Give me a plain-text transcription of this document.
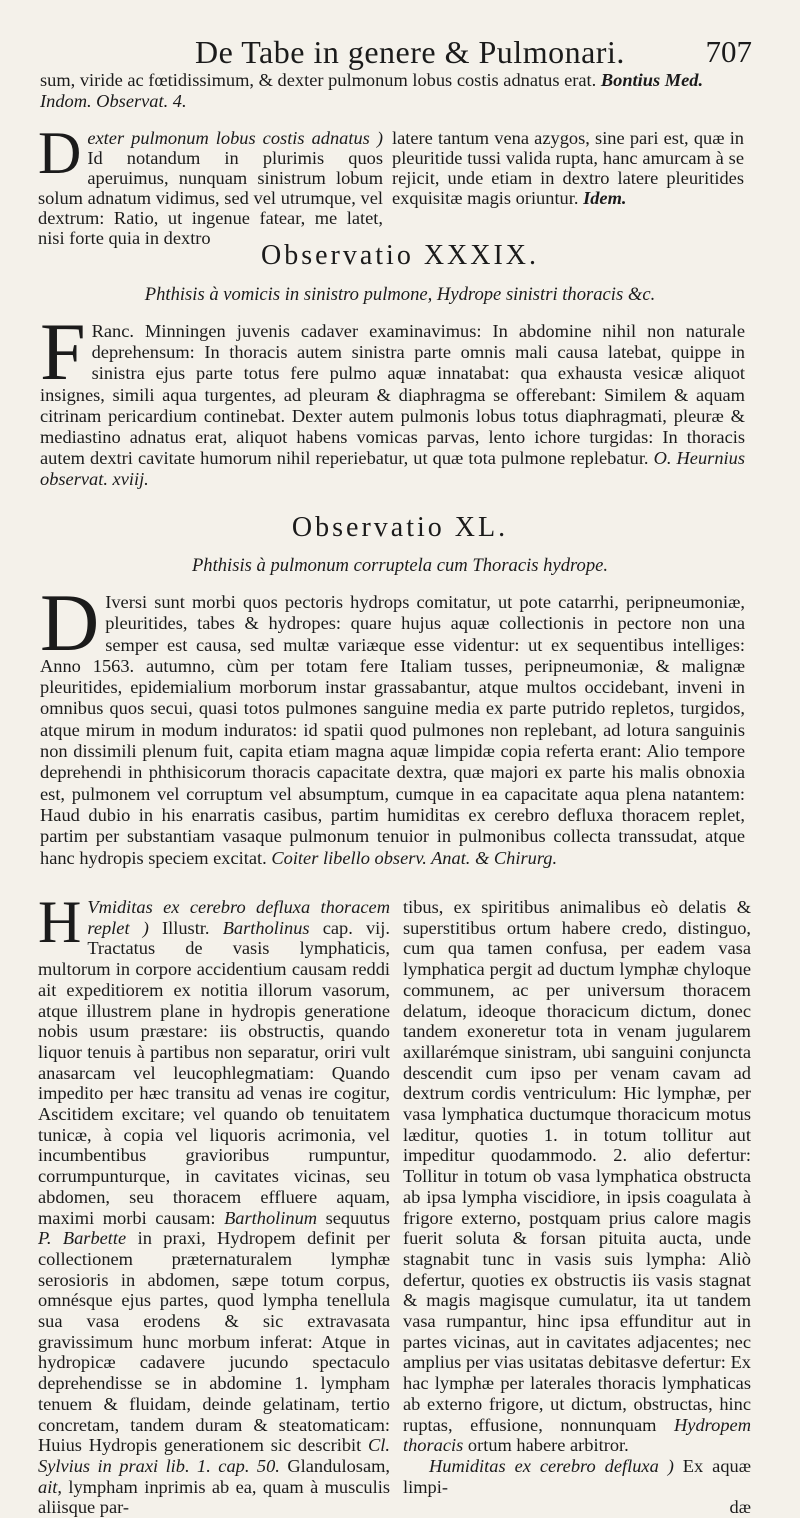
De Tabe in genere & Pulmonari.	707
sum, viride ac fœtidissimum, & dexter pulmonum lobus costis adnatus erat. Bontius Med.
Indom. Observat. 4.
Dexter pulmonum lobus costis adnatus ) Id notandum in plurimis quos aperuimus, nunquam sinistrum lobum solum adnatum vidimus, sed vel utrumque, vel dextrum: Ratio, ut ingenue fatear, me latet, nisi forte quia in dextro
latere tantum vena azygos, sine pari est, quæ in pleuritide tussi valida rupta, hanc amurcam à se rejicit, unde etiam in dextro latere pleuritides exquisitæ magis oriuntur. Idem.
Observatio XXXIX.
Phthisis à vomicis in sinistro pulmone, Hydrope sinistri thoracis &c.
F Ranc. Minningen juvenis cadaver examinavimus: In abdomine nihil non naturale deprehensum: In thoracis autem sinistra parte omnis mali causa latebat, quippe in sinistra ejus parte totus fere pulmo aquæ innatabat: qua exhausta vesicæ aliquot insignes, simili aqua turgentes, ad pleuram & diaphragma se offerebant: Similem & aquam citrinam pericardium continebat. Dexter autem pulmonis lobus totus diaphragmati, pleuræ & mediastino adnatus erat, aliquot habens vomicas parvas, lento ichore turgidas: In thoracis autem dextri cavitate humorum nihil reperiebatur, ut quæ tota pulmone replebatur. O. Heurnius observat. xviij.
Observatio XL.
Phthisis à pulmonum corruptela cum Thoracis hydrope.
D Iversi sunt morbi quos pectoris hydrops comitatur, ut pote catarrhi, peripneumoniæ, pleuritides, tabes & hydropes: quare hujus aquæ collectionis in pectore non una semper est causa, sed multæ variæque esse videntur: ut ex sequentibus intelliges: Anno 1563. autumno, cùm per totam fere Italiam tusses, peripneumoniæ, & malignæ pleuritides, epidemialium morborum instar grassabantur, atque multos occidebant, inveni in omnibus quos secui, quasi totos pulmones sanguine media ex parte putrido repletos, turgidos, atque mirum in modum induratos: id spatii quod pulmones non replebant, ad lotura sanguinis non dissimili plenum fuit, capita etiam magna aquæ limpidæ copia referta erant: Alio tempore deprehendi in phthisicorum thoracis capacitate dextra, quæ majori ex parte his malis obnoxia est, pulmonem vel corruptum vel absumptum, cumque in ea capacitate aqua plena natantem: Haud dubio in his enarratis casibus, partim humiditas ex cerebro defluxa thoracem replet, partim per substantiam vasaque pulmonum tenuior in pulmonibus collecta transsudat, atque hanc hydropis speciem excitat. Coiter libello observ. Anat. & Chirurg.
H Vmiditas ex cerebro defluxa thoracem replet ) Illustr. Bartholinus cap. vij. Tractatus de vasis lymphaticis, multorum in corpore accidentium causam reddi ait expeditiorem ex notitia illorum vasorum, atque illustrem plane in hydropis generatione nobis usum præstare: iis obstructis, quando liquor tenuis à partibus non separatur, oriri vult anasarcam vel leucophlegmatiam: Quando impedito per hæc transitu ad venas ire cogitur, Ascitidem excitare; vel quando ob tenuitatem tunicæ, à copia vel liquoris acrimonia, vel incumbentibus gravioribus rumpuntur, corrumpunturque, in cavitates vicinas, seu abdomen, seu thoracem effluere aquam, maximi morbi causam: Bartholinum sequutus P. Barbette in praxi, Hydropem definit per collectionem præternaturalem lymphæ serosioris in abdomen, sæpe totum corpus, omnésque ejus partes, quod lympha tenellula sua vasa erodens & sic extravasata gravissimum hunc morbum inferat: Atque in hydropicæ cadavere jucundo spectaculo deprehendisse se in abdomine 1. lympham tenuem & fluidam, deinde gelatinam, tertio concretam, tandem duram & steatomaticam: Huius Hydropis generationem sic describit Cl. Sylvius in praxi lib. 1. cap. 50. Glandulosam, ait, lympham inprimis ab ea, quam à musculis aliisque par-
tibus, ex spiritibus animalibus eò delatis & superstitibus ortum habere credo, distinguo, cum qua tamen confusa, per eadem vasa lymphatica pergit ad ductum lymphæ chyloque communem, ac per universum thoracem delatum, ideoque thoracicum dictum, donec tandem exoneretur tota in venam jugularem axillarémque sinistram, ubi sanguini conjuncta descendit cum ipso per venam cavam ad dextrum cordis ventriculum: Hic lymphæ, per vasa lymphatica ductumque thoracicum motus læditur, quoties 1. in totum tollitur aut impeditur quodammodo. 2. alio defertur: Tollitur in totum ob vasa lymphatica obstructa ab ipsa lympha viscidiore, in ipsis coagulata à frigore externo, postquam prius calore magis fuerit soluta & forsan pituita aucta, unde stagnabit tunc in vasis suis lympha: Aliò defertur, quoties ex obstructis iis vasis stagnat & magis magisque cumulatur, ita ut tandem vasa rumpantur, hinc ipsa effunditur aut in partes vicinas, aut in cavitates adjacentes; nec amplius per vias usitatas debitasve defertur: Ex hac lymphæ per laterales thoracis lymphaticas ab externo frigore, ut dictum, obstructas, hinc ruptas, effusione, nonnunquam Hydropem thoracis ortum habere arbitror.
Humiditas ex cerebro defluxa ) Ex aquæ limpi-
dæ
